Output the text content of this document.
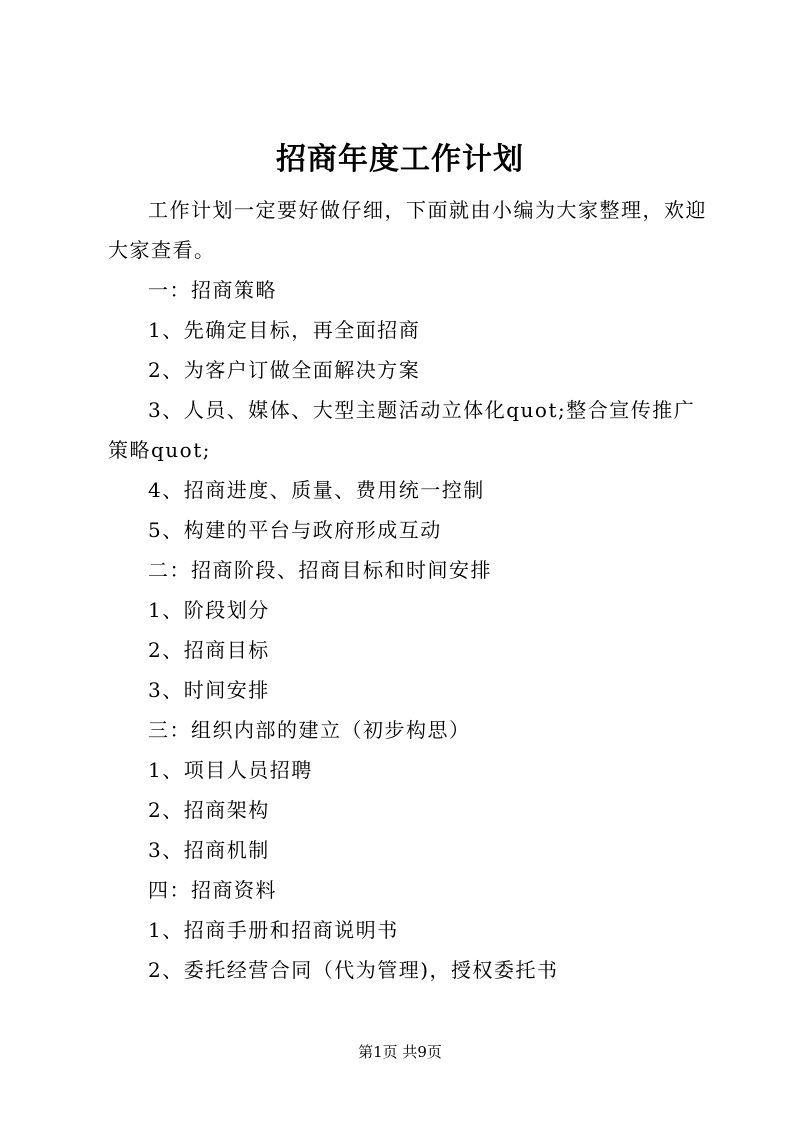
招商年度工作计划

工作计划一定要好做仔细，下面就由小编为大家整理，欢迎大家查看。

一：招商策略

1、先确定目标，再全面招商

2、为客户订做全面解决方案

3、人员、媒体、大型主题活动立体化quot;整合宣传推广策略quot;

4、招商进度、质量、费用统一控制

5、构建的平台与政府形成互动

二：招商阶段、招商目标和时间安排

1、阶段划分

2、招商目标

3、时间安排

三：组织内部的建立（初步构思）

1、项目人员招聘

2、招商架构

3、招商机制

四：招商资料

1、招商手册和招商说明书

2、委托经营合同（代为管理)，授权委托书

第1页 共9页
